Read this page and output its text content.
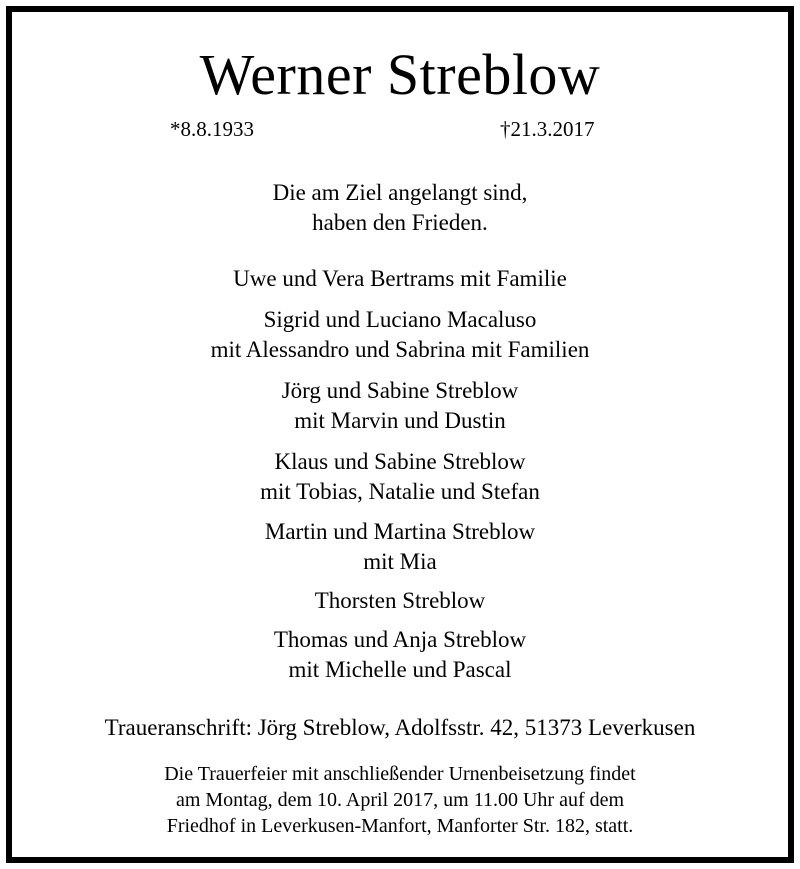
Werner Streblow
*8.8.1933	†21.3.2017
Die am Ziel angelangt sind,
haben den Frieden.
Uwe und Vera Bertrams mit Familie
Sigrid und Luciano Macaluso
mit Alessandro und Sabrina mit Familien
Jörg und Sabine Streblow
mit Marvin und Dustin
Klaus und Sabine Streblow
mit Tobias, Natalie und Stefan
Martin und Martina Streblow
mit Mia
Thorsten Streblow
Thomas und Anja Streblow
mit Michelle und Pascal
Traueranschrift: Jörg Streblow, Adolfsstr. 42, 51373 Leverkusen
Die Trauerfeier mit anschließender Urnenbeisetzung findet
am Montag, dem 10. April 2017, um 11.00 Uhr auf dem
Friedhof in Leverkusen-Manfort, Manforter Str. 182, statt.
